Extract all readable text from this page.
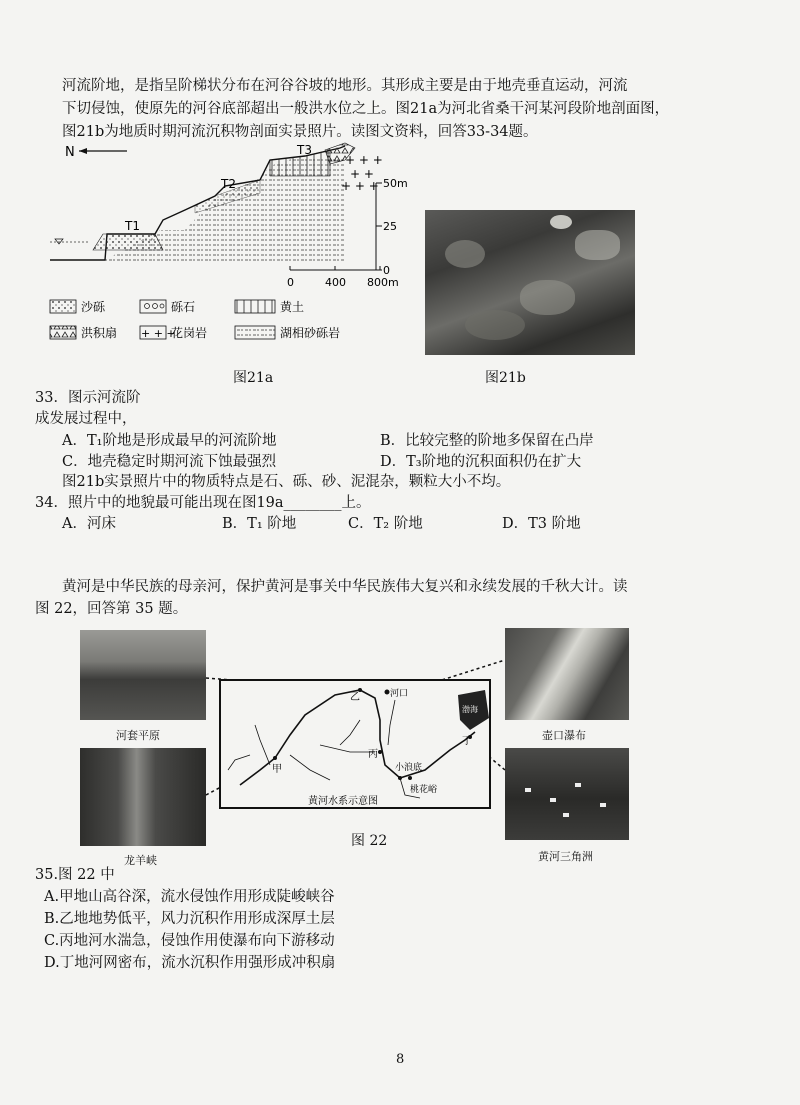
河流阶地，是指呈阶梯状分布在河谷谷坡的地形。其形成主要是由于地壳垂直运动，河流
下切侵蚀，使原先的河谷底部超出一般洪水位之上。图21a为河北省桑干河某河段阶地剖面图，
图21b为地质时期河流沉积物剖面实景照片。读图文资料，回答33-34题。
N	+ + +
+ +
+ + +
T1
T2
T3
50m
25
0
0	400 800m
沙砾	砾石	黄土
洪积扇 + + +
花岗岩	湖相砂砾岩
图21a	图21b
33．图示河流阶
成发展过程中，
A．T₁阶地是形成最早的河流阶地	B．比较完整的阶地多保留在凸岸
C．地壳稳定时期河流下蚀最强烈	D．T₃阶地的沉积面积仍在扩大
图21b实景照片中的物质特点是石、砾、砂、泥混杂，颗粒大小不均。
34．照片中的地貌最可能出现在图19a________上。
A．河床	B．T₁ 阶地	C．T₂ 阶地	D．T3 阶地
黄河是中华民族的母亲河，保护黄河是事关中华民族伟大复兴和永续发展的千秋大计。读
图 22，回答第 35 题。
河套平原	壶口瀑布
龙羊峡	黄河三角洲
渤海
甲
乙	河口
丙
小浪底
桃花峪
丁
黄河水系示意图
图 22
35.图 22 中
A.甲地山高谷深，流水侵蚀作用形成陡峻峡谷
B.乙地地势低平，风力沉积作用形成深厚土层
C.丙地河水湍急，侵蚀作用使瀑布向下游移动
D.丁地河网密布，流水沉积作用强形成冲积扇
8
